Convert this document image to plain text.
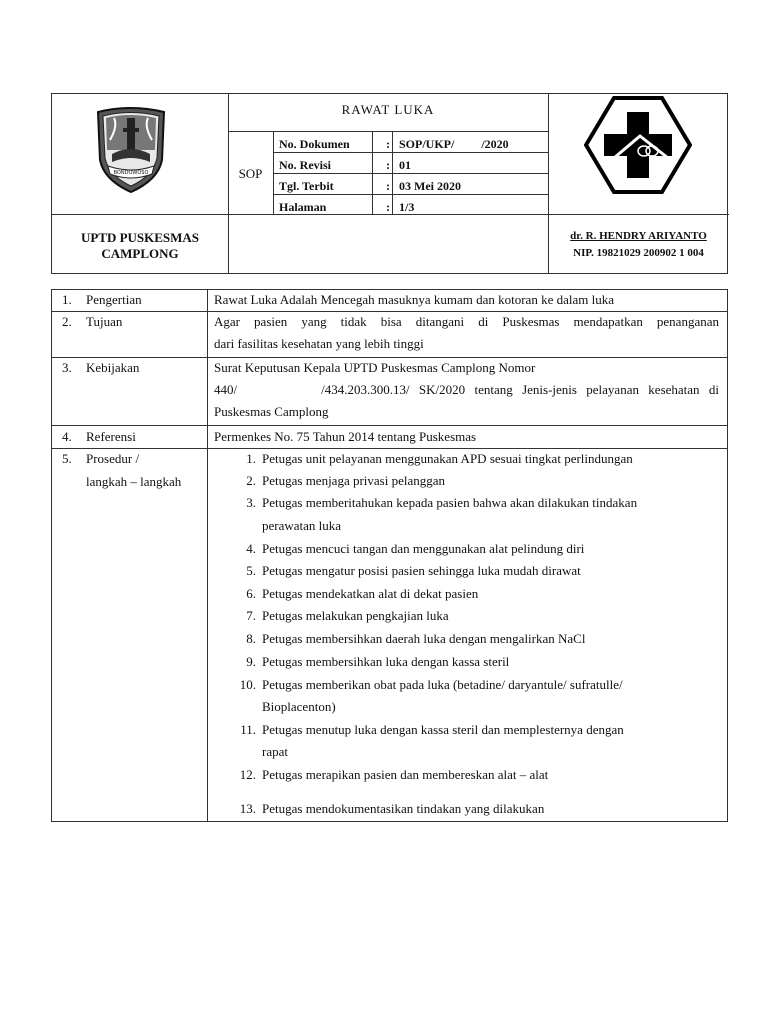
BONDOWOSO
RAWAT LUKA
SOP
No. Dokumen	: SOP/UKP/         /2020
No. Revisi	: 01
Tgl. Terbit	: 03 Mei 2020
Halaman	: 1/3
UPTD PUSKESMAS
CAMPLONG
dr. R. HENDRY ARIYANTO
NIP. 19821029 200902 1 004
1. Pengertian	Rawat Luka Adalah Mencegah masuknya kumam dan kotoran ke dalam luka
2. Tujuan	Agar pasien yang tidak bisa ditangani di Puskesmas mendapatkan penanganan
dari fasilitas kesehatan yang lebih tinggi
3. Kebijakan	Surat Keputusan Kepala UPTD Puskesmas Camplong Nomor
440/         /434.203.300.13/ SK/2020 tentang Jenis-jenis pelayanan kesehatan di
Puskesmas Camplong
4. Referensi	Permenkes No. 75 Tahun 2014 tentang Puskesmas
5. Prosedur /
langkah – langkah
1. Petugas unit pelayanan menggunakan APD sesuai tingkat perlindungan
2. Petugas menjaga privasi pelanggan
3. Petugas memberitahukan kepada pasien bahwa akan dilakukan tindakan
perawatan luka
4. Petugas mencuci tangan dan menggunakan alat pelindung diri
5. Petugas mengatur posisi pasien sehingga luka mudah dirawat
6. Petugas mendekatkan alat di dekat pasien
7. Petugas melakukan pengkajian luka
8. Petugas membersihkan daerah luka dengan mengalirkan NaCl
9. Petugas membersihkan luka dengan kassa steril
10. Petugas memberikan obat pada luka (betadine/ daryantule/ sufratulle/
Bioplacenton)
11. Petugas menutup luka dengan kassa steril dan memplesternya dengan
rapat
12. Petugas merapikan pasien dan membereskan alat – alat
13. Petugas mendokumentasikan tindakan yang dilakukan
